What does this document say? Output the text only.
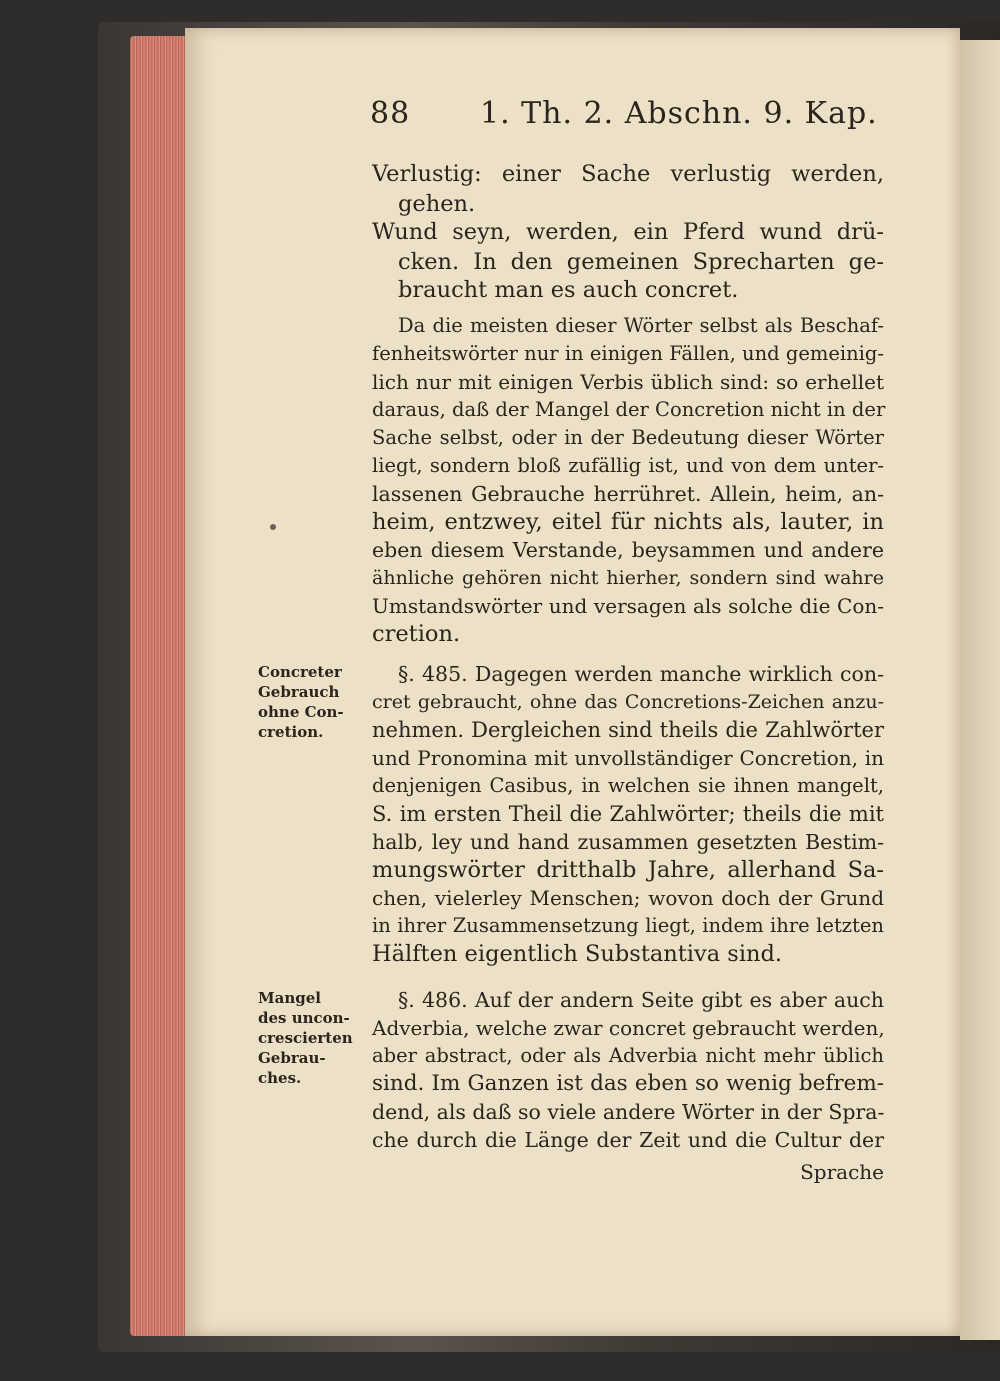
88 1. Th. 2. Abschn. 9. Kap.
Verlustig: einer Sache verlustig werden,
gehen.
Wund seyn, werden, ein Pferd wund drü-
cken. In den gemeinen Sprecharten ge-
braucht man es auch concret.
Da die meisten dieser Wörter selbst als Beschaf-
fenheitswörter nur in einigen Fällen, und gemeinig-
lich nur mit einigen Verbis üblich sind: so erhellet
daraus, daß der Mangel der Concretion nicht in der
Sache selbst, oder in der Bedeutung dieser Wörter
liegt, sondern bloß zufällig ist, und von dem unter-
lassenen Gebrauche herrühret. Allein, heim, an-
heim, entzwey, eitel für nichts als, lauter, in
eben diesem Verstande, beysammen und andere
ähnliche gehören nicht hierher, sondern sind wahre
Umstandswörter und versagen als solche die Con-
cretion.
Concreter
Gebrauch
ohne Con-
cretion.
§. 485. Dagegen werden manche wirklich con-
cret gebraucht, ohne das Concretions-Zeichen anzu-
nehmen. Dergleichen sind theils die Zahlwörter
und Pronomina mit unvollständiger Concretion, in
denjenigen Casibus, in welchen sie ihnen mangelt,
S. im ersten Theil die Zahlwörter; theils die mit
halb, ley und hand zusammen gesetzten Bestim-
mungswörter dritthalb Jahre, allerhand Sa-
chen, vielerley Menschen; wovon doch der Grund
in ihrer Zusammensetzung liegt, indem ihre letzten
Hälften eigentlich Substantiva sind.
Mangel
des uncon-
crescierten
Gebrau-
ches.
§. 486. Auf der andern Seite gibt es aber auch
Adverbia, welche zwar concret gebraucht werden,
aber abstract, oder als Adverbia nicht mehr üblich
sind. Im Ganzen ist das eben so wenig befrem-
dend, als daß so viele andere Wörter in der Spra-
che durch die Länge der Zeit und die Cultur der
Sprache
